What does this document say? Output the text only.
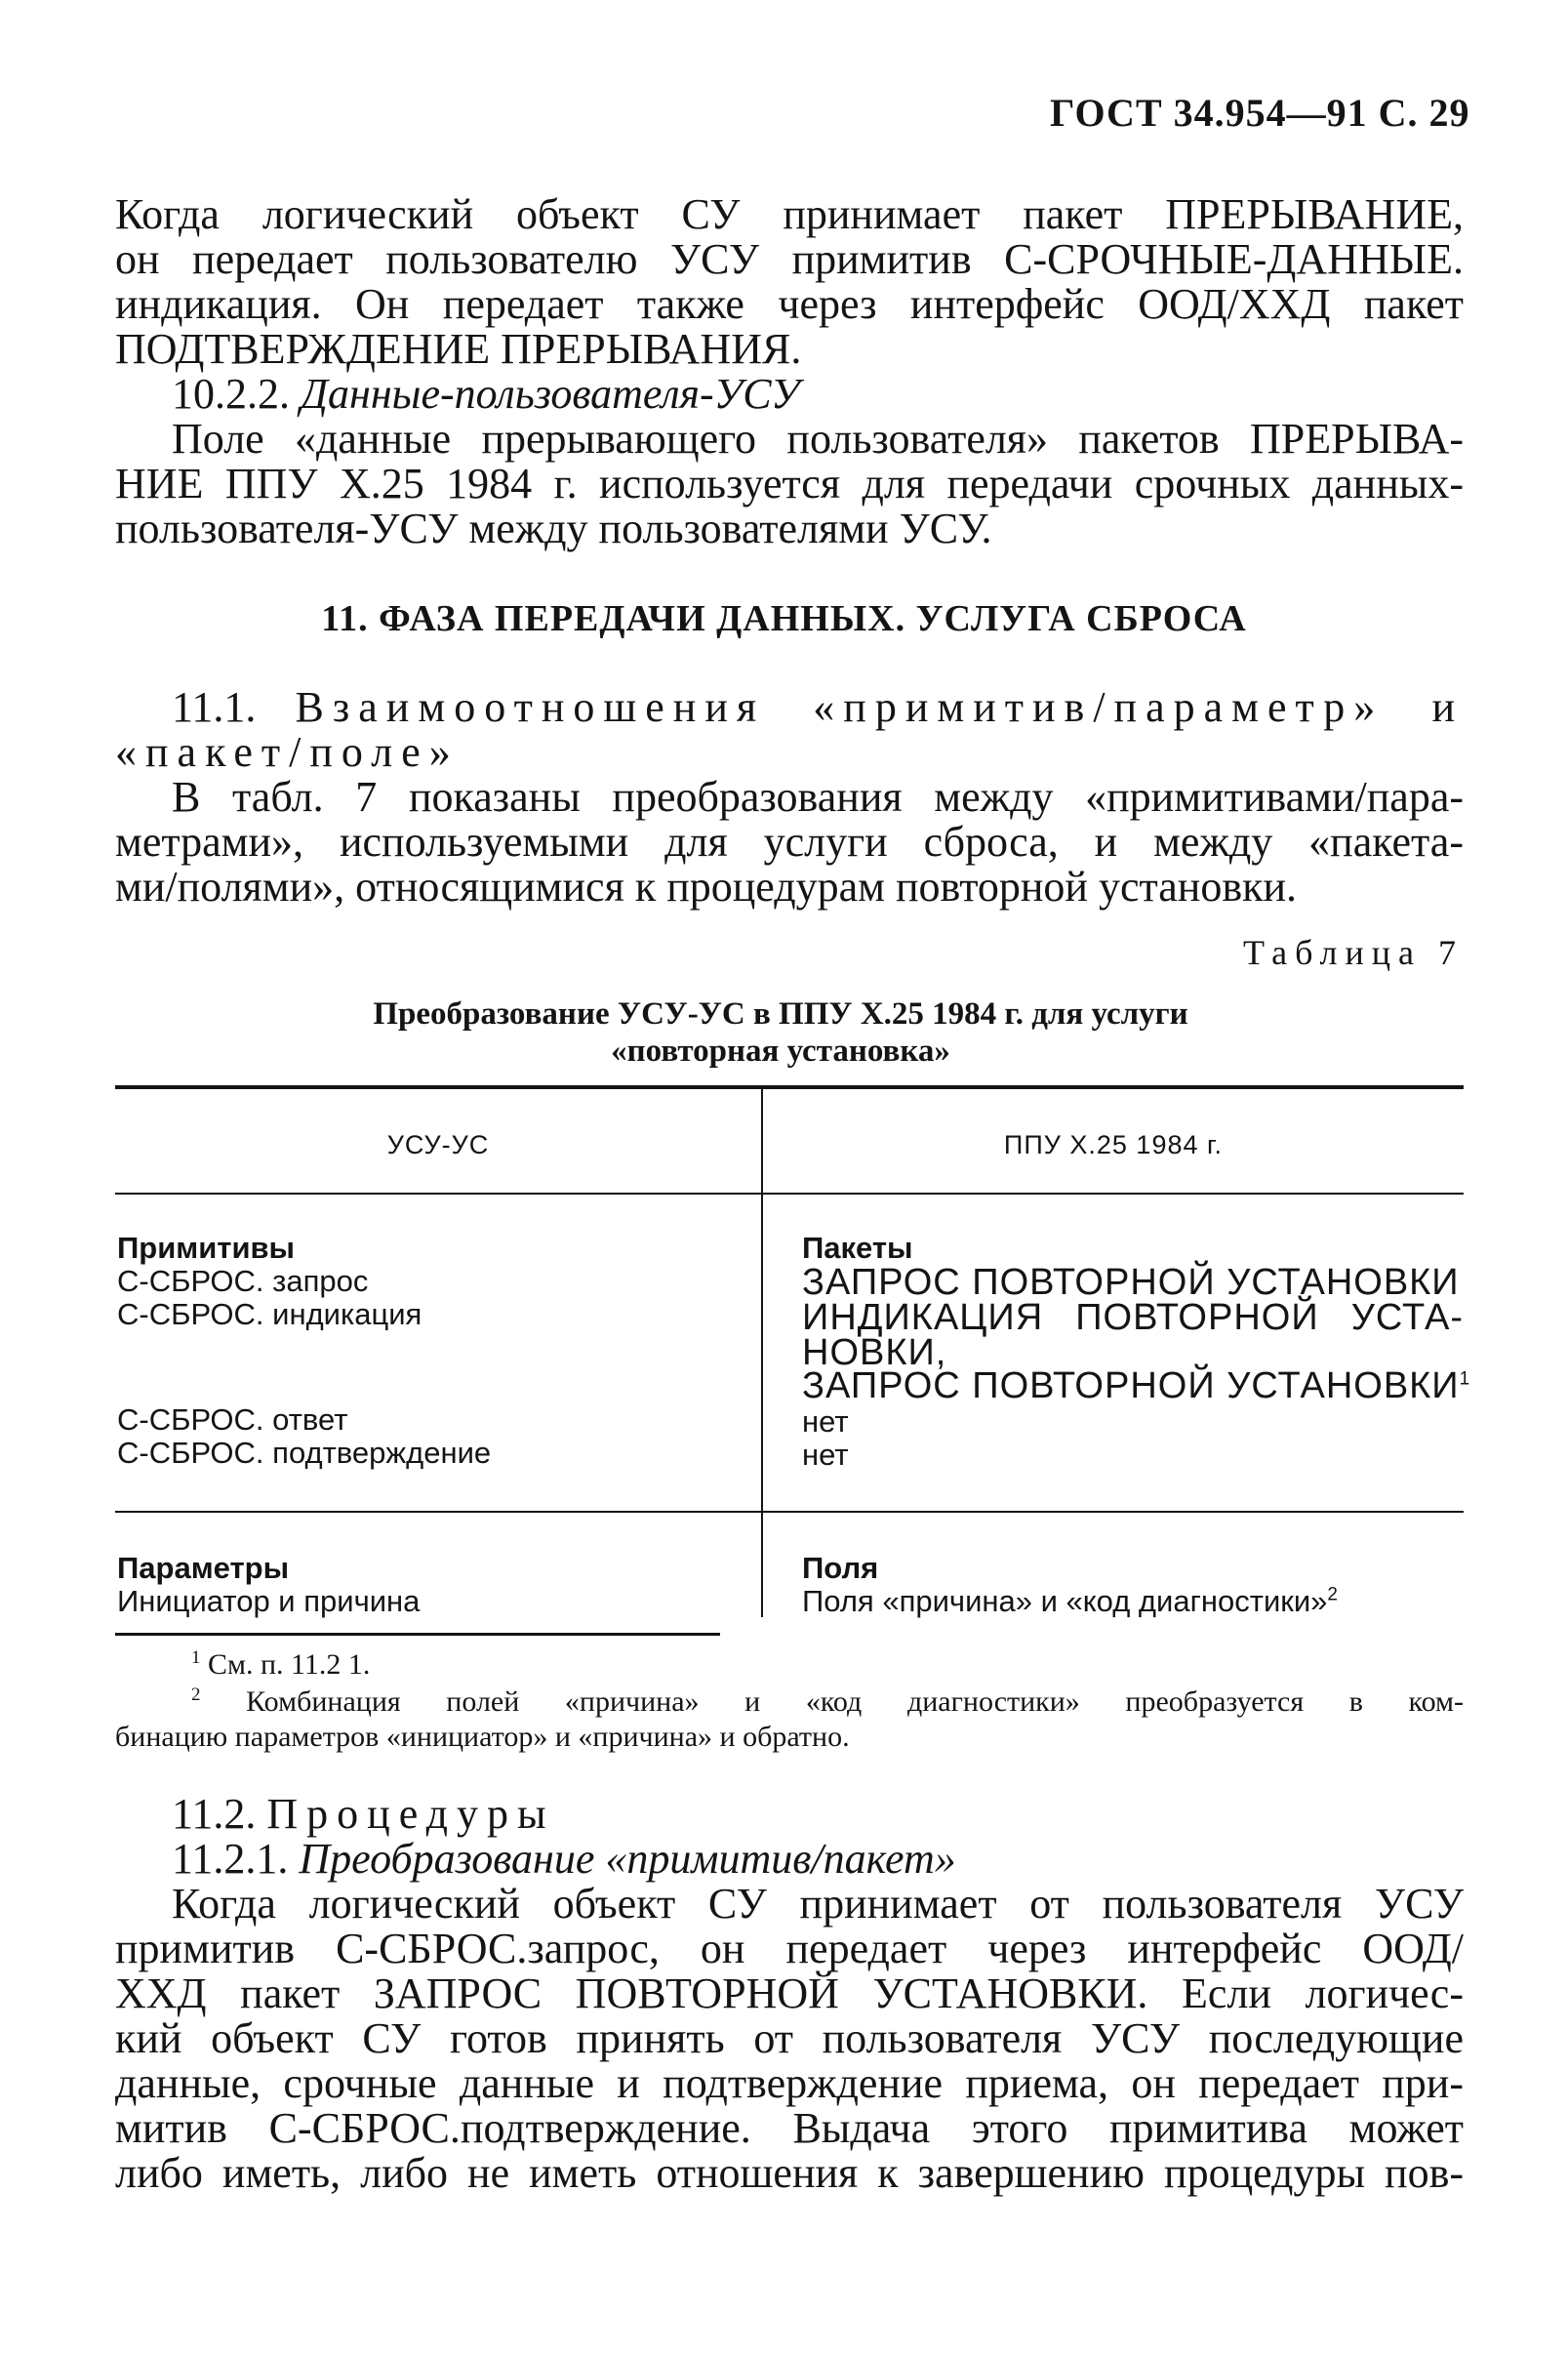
ГОСТ 34.954—91 С. 29
Когда логический объект СУ принимает пакет ПРЕРЫВАНИЕ,
он передает пользователю УСУ примитив С-СРОЧНЫЕ-ДАННЫЕ.
индикация. Он передает также через интерфейс ООД/ХХД пакет
ПОДТВЕРЖДЕНИЕ ПРЕРЫВАНИЯ.
10.2.2. Данные-пользователя-УСУ
Поле «данные прерывающего пользователя» пакетов ПРЕРЫВА-
НИЕ ППУ Х.25 1984 г. используется для передачи срочных данных-
пользователя-УСУ между пользователями УСУ.
11. ФАЗА ПЕРЕДАЧИ ДАННЫХ. УСЛУГА СБРОСА
11.1. Взаимоотношения «примитив/параметр» и
«пакет/поле»
В табл. 7 показаны преобразования между «примитивами/пара-
метрами», используемыми для услуги сброса, и между «пакета-
ми/полями», относящимися к процедурам повторной установки.
Таблица 7
Преобразование УСУ-УС в ППУ Х.25 1984 г. для услуги
«повторная установка»
УСУ-УС	ППУ Х.25 1984 г.
Примитивы
С-СБРОС. запрос
С-СБРОС. индикация
С-СБРОС. ответ
С-СБРОС. подтверждение
Пакеты
ЗАПРОС ПОВТОРНОЙ УСТАНОВКИ
ИНДИКАЦИЯ ПОВТОРНОЙ УСТА-
НОВКИ,
ЗАПРОС ПОВТОРНОЙ УСТАНОВКИ$^1$
нет
нет
Параметры
Инициатор и причина
Поля
Поля «причина» и «код диагностики»$^2$
$^1$ См. п. 11.2 1.
$^2$ Комбинация полей «причина» и «код диагностики» преобразуется в ком-
бинацию параметров «инициатор» и «причина» и обратно.
11.2. Процедуры
11.2.1. Преобразование «примитив/пакет»
Когда логический объект СУ принимает от пользователя УСУ
примитив С-СБРОС.запрос, он передает через интерфейс ООД/
ХХД пакет ЗАПРОС ПОВТОРНОЙ УСТАНОВКИ. Если логичес-
кий объект СУ готов принять от пользователя УСУ последующие
данные, срочные данные и подтверждение приема, он передает при-
митив С-СБРОС.подтверждение. Выдача этого примитива может
либо иметь, либо не иметь отношения к завершению процедуры пов-
